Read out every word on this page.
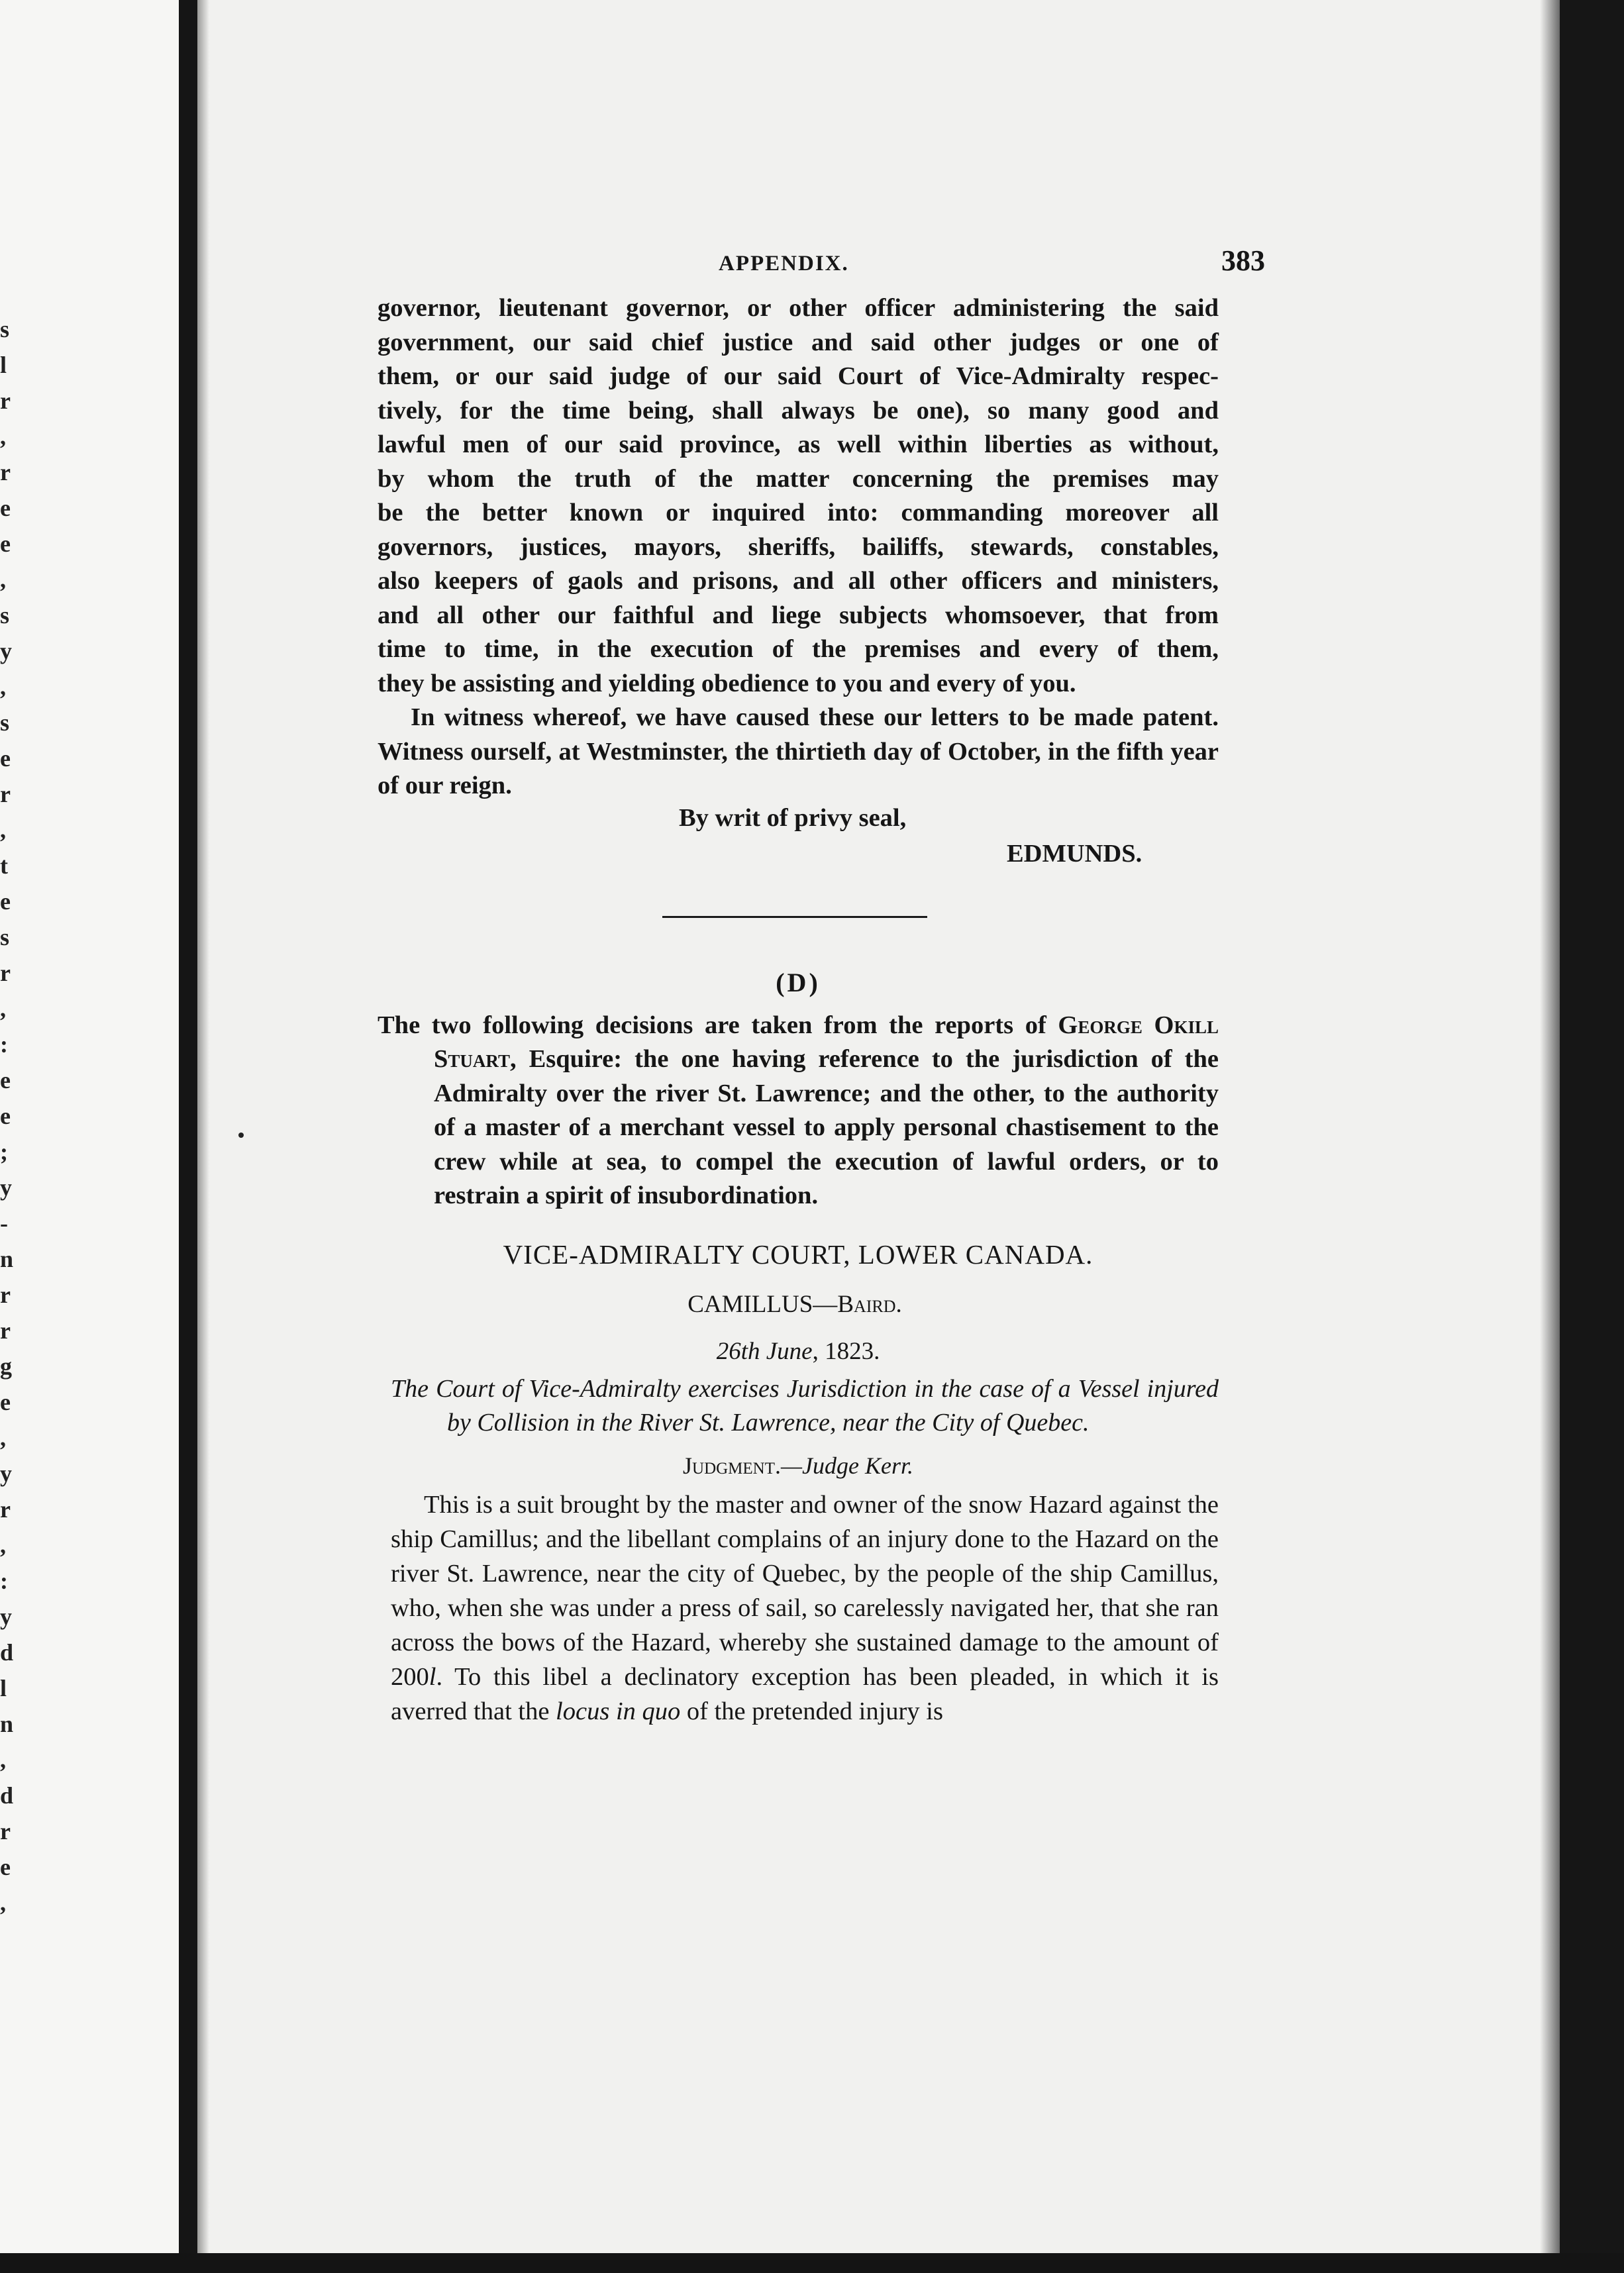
s
l
r
,
r
e
e
,
s
y
,
s
e
r
,
t
e
s
r
,
:
e
e
;
y
-
n
r
r
g
e
,
y
r
,
:
y
d
l
n
,
d
r
e
,
APPENDIX.	383
governor, lieutenant governor, or other officer administering the said
government, our said chief justice and said other judges or one of
them, or our said judge of our said Court of Vice-Admiralty respec-
tively, for the time being, shall always be one), so many good and
lawful men of our said province, as well within liberties as without,
by whom the truth of the matter concerning the premises may
be the better known or inquired into: commanding moreover all
governors, justices, mayors, sheriffs, bailiffs, stewards, constables,
also keepers of gaols and prisons, and all other officers and ministers,
and all other our faithful and liege subjects whomsoever, that from
time to time, in the execution of the premises and every of them,
they be assisting and yielding obedience to you and every of you.

In witness whereof, we have caused these our letters to be made patent. Witness ourself, at Westminster, the thirtieth day of October, in the fifth year of our reign.

By writ of privy seal,
EDMUNDS.
(D)

The two following decisions are taken from the reports of George Okill Stuart, Esquire: the one having reference to the jurisdiction of the Admiralty over the river St. Lawrence; and the other, to the authority of a master of a merchant vessel to apply personal chastisement to the crew while at sea, to compel the execution of lawful orders, or to restrain a spirit of insubordination.

VICE-ADMIRALTY COURT, LOWER CANADA.
CAMILLUS—Baird.
26th June, 1823.

The Court of Vice-Admiralty exercises Jurisdiction in the case of a Vessel injured by Collision in the River St. Lawrence, near the City of Quebec.

Judgment.—Judge Kerr.

This is a suit brought by the master and owner of the snow Hazard against the ship Camillus; and the libellant complains of an injury done to the Hazard on the river St. Lawrence, near the city of Quebec, by the people of the ship Camillus, who, when she was under a press of sail, so carelessly navigated her, that she ran across the bows of the Hazard, whereby she sustained damage to the amount of 200l. To this libel a declinatory exception has been pleaded, in which it is averred that the locus in quo of the pretended injury is
